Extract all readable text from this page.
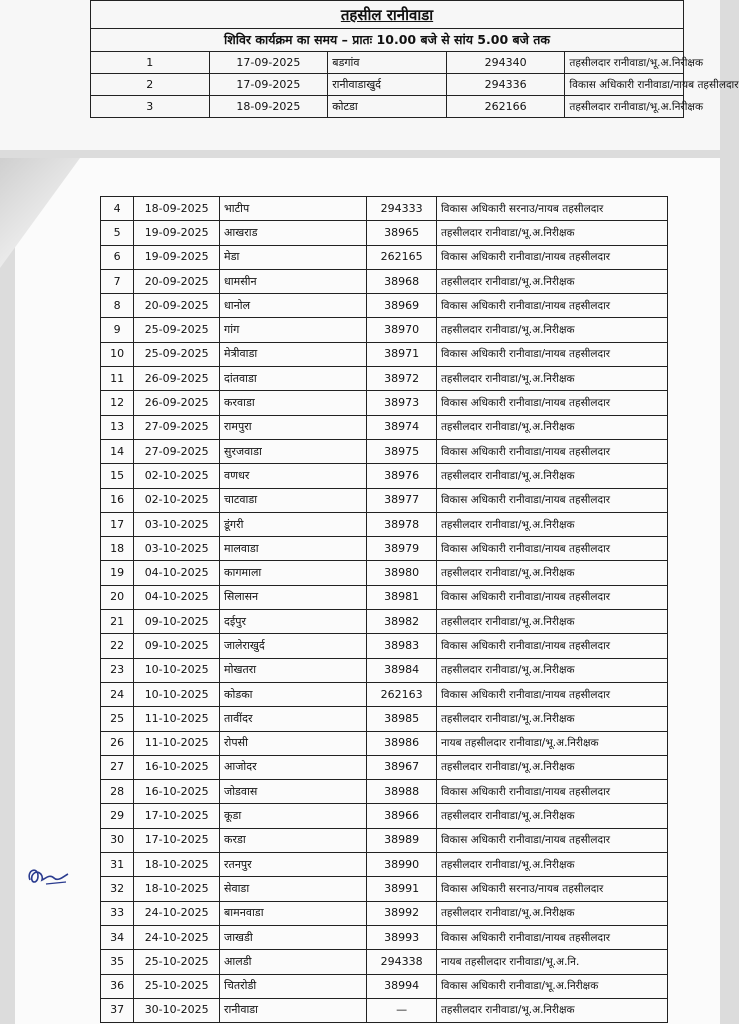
तहसील रानीवाडा				
शिविर कार्यक्रम का समय – प्रातः 10.00 बजे से सांय 5.00 बजे तक				
1	17-09-2025	बडगांव	294340	तहसीलदार रानीवाडा/भू.अ.निरीक्षक
2	17-09-2025	रानीवाडाखुर्द	294336	विकास अधिकारी रानीवाडा/नायब तहसीलदार
3	18-09-2025	कोटडा	262166	तहसीलदार रानीवाडा/भू.अ.निरीक्षक
4	18-09-2025	भाटीप	294333	विकास अधिकारी सरनाउ/नायब तहसीलदार
5	19-09-2025	आखराड	38965	तहसीलदार रानीवाडा/भू.अ.निरीक्षक
6	19-09-2025	मेडा	262165	विकास अधिकारी रानीवाडा/नायब तहसीलदार
7	20-09-2025	धामसीन	38968	तहसीलदार रानीवाडा/भू.अ.निरीक्षक
8	20-09-2025	धानोल	38969	विकास अधिकारी रानीवाडा/नायब तहसीलदार
9	25-09-2025	गांग	38970	तहसीलदार रानीवाडा/भू.अ.निरीक्षक
10	25-09-2025	मेत्रीवाडा	38971	विकास अधिकारी रानीवाडा/नायब तहसीलदार
11	26-09-2025	दांतवाडा	38972	तहसीलदार रानीवाडा/भू.अ.निरीक्षक
12	26-09-2025	करवाडा	38973	विकास अधिकारी रानीवाडा/नायब तहसीलदार
13	27-09-2025	रामपुरा	38974	तहसीलदार रानीवाडा/भू.अ.निरीक्षक
14	27-09-2025	सुरजवाडा	38975	विकास अधिकारी रानीवाडा/नायब तहसीलदार
15	02-10-2025	वणधर	38976	तहसीलदार रानीवाडा/भू.अ.निरीक्षक
16	02-10-2025	चाटवाडा	38977	विकास अधिकारी रानीवाडा/नायब तहसीलदार
17	03-10-2025	डूंगरी	38978	तहसीलदार रानीवाडा/भू.अ.निरीक्षक
18	03-10-2025	मालवाडा	38979	विकास अधिकारी रानीवाडा/नायब तहसीलदार
19	04-10-2025	कागमाला	38980	तहसीलदार रानीवाडा/भू.अ.निरीक्षक
20	04-10-2025	सिलासन	38981	विकास अधिकारी रानीवाडा/नायब तहसीलदार
21	09-10-2025	दईपुर	38982	तहसीलदार रानीवाडा/भू.अ.निरीक्षक
22	09-10-2025	जालेराखुर्द	38983	विकास अधिकारी रानीवाडा/नायब तहसीलदार
23	10-10-2025	मोखतरा	38984	तहसीलदार रानीवाडा/भू.अ.निरीक्षक
24	10-10-2025	कोडका	262163	विकास अधिकारी रानीवाडा/नायब तहसीलदार
25	11-10-2025	तावींदर	38985	तहसीलदार रानीवाडा/भू.अ.निरीक्षक
26	11-10-2025	रोपसी	38986	नायब तहसीलदार रानीवाडा/भू.अ.निरीक्षक
27	16-10-2025	आजोदर	38967	तहसीलदार रानीवाडा/भू.अ.निरीक्षक
28	16-10-2025	जोडवास	38988	विकास अधिकारी रानीवाडा/नायब तहसीलदार
29	17-10-2025	कूडा	38966	तहसीलदार रानीवाडा/भू.अ.निरीक्षक
30	17-10-2025	करडा	38989	विकास अधिकारी रानीवाडा/नायब तहसीलदार
31	18-10-2025	रतनपुर	38990	तहसीलदार रानीवाडा/भू.अ.निरीक्षक
32	18-10-2025	सेवाडा	38991	विकास अधिकारी सरनाउ/नायब तहसीलदार
33	24-10-2025	बामनवाडा	38992	तहसीलदार रानीवाडा/भू.अ.निरीक्षक
34	24-10-2025	जाखडी	38993	विकास अधिकारी रानीवाडा/नायब तहसीलदार
35	25-10-2025	आलडी	294338	नायब तहसीलदार रानीवाडा/भू.अ.नि.
36	25-10-2025	चितरोडी	38994	विकास अधिकारी रानीवाडा/भू.अ.निरीक्षक
37	30-10-2025	रानीवाडा	—	तहसीलदार रानीवाडा/भू.अ.निरीक्षक
